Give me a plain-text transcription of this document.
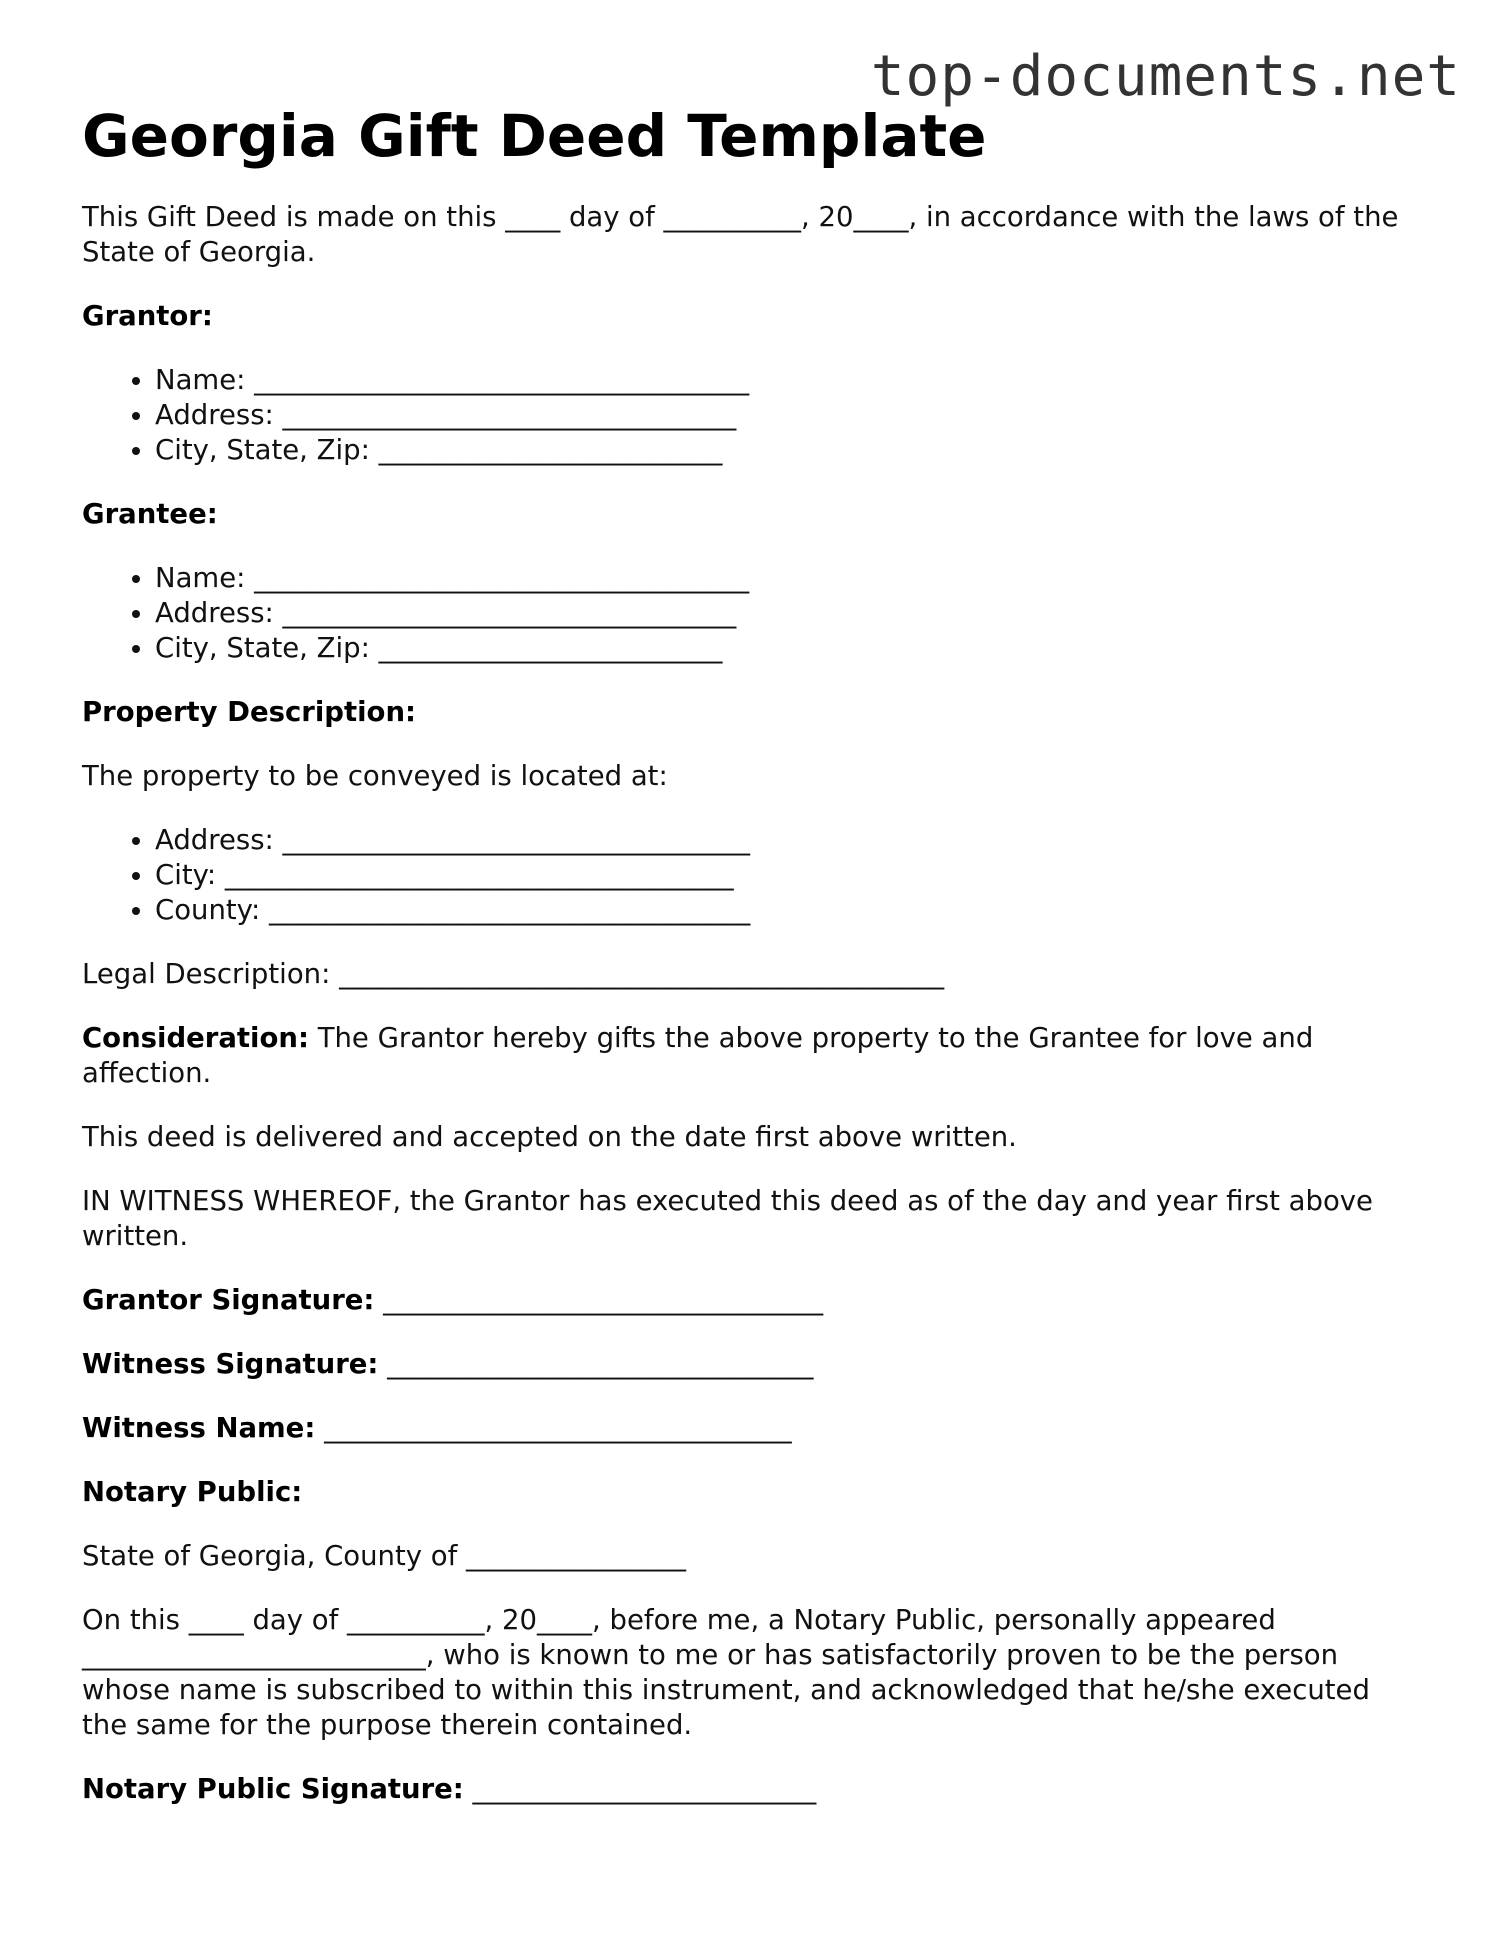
top-documents.net
Georgia Gift Deed Template

This Gift Deed is made on this ____ day of __________, 20____, in accordance with the laws of the State of Georgia.

Grantor:

• Name: ____________________________________
• Address: _________________________________
• City, State, Zip: _________________________

Grantee:

• Name: ____________________________________
• Address: _________________________________
• City, State, Zip: _________________________

Property Description:

The property to be conveyed is located at:

• Address: __________________________________
• City: _____________________________________
• County: ___________________________________

Legal Description: ____________________________________________

Consideration: The Grantor hereby gifts the above property to the Grantee for love and affection.

This deed is delivered and accepted on the date first above written.

IN WITNESS WHEREOF, the Grantor has executed this deed as of the day and year first above written.

Grantor Signature: ________________________________

Witness Signature: _______________________________

Witness Name: __________________________________

Notary Public:

State of Georgia, County of ________________

On this ____ day of __________, 20____, before me, a Notary Public, personally appeared _________________________, who is known to me or has satisfactorily proven to be the person whose name is subscribed to within this instrument, and acknowledged that he/she executed the same for the purpose therein contained.

Notary Public Signature: _________________________
